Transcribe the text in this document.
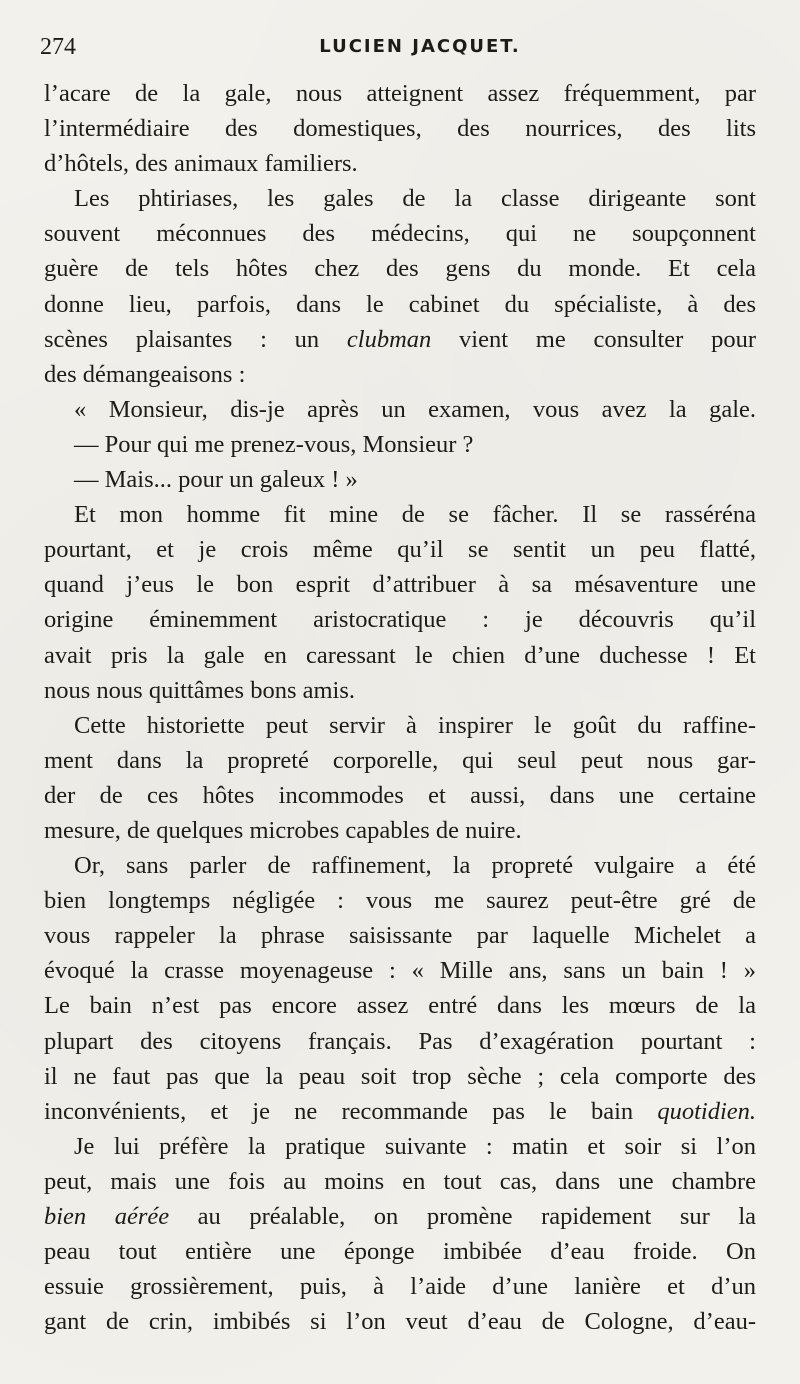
274	LUCIEN JACQUET.
l’acare de la gale, nous atteignent assez fréquemment, par
l’intermédiaire des domestiques, des nourrices, des lits
d’hôtels, des animaux familiers.
Les phtiriases, les gales de la classe dirigeante sont
souvent méconnues des médecins, qui ne soupçonnent
guère de tels hôtes chez des gens du monde. Et cela
donne lieu, parfois, dans le cabinet du spécialiste, à des
scènes plaisantes : un clubman vient me consulter pour
des démangeaisons :
« Monsieur, dis-je après un examen, vous avez la gale.
— Pour qui me prenez-vous, Monsieur ?
— Mais... pour un galeux ! »
Et mon homme fit mine de se fâcher. Il se rasséréna
pourtant, et je crois même qu’il se sentit un peu flatté,
quand j’eus le bon esprit d’attribuer à sa mésaventure une
origine éminemment aristocratique : je découvris qu’il
avait pris la gale en caressant le chien d’une duchesse ! Et
nous nous quittâmes bons amis.
Cette historiette peut servir à inspirer le goût du raffine-
ment dans la propreté corporelle, qui seul peut nous gar-
der de ces hôtes incommodes et aussi, dans une certaine
mesure, de quelques microbes capables de nuire.
Or, sans parler de raffinement, la propreté vulgaire a été
bien longtemps négligée : vous me saurez peut-être gré de
vous rappeler la phrase saisissante par laquelle Michelet a
évoqué la crasse moyenageuse : « Mille ans, sans un bain ! »
Le bain n’est pas encore assez entré dans les mœurs de la
plupart des citoyens français. Pas d’exagération pourtant :
il ne faut pas que la peau soit trop sèche ; cela comporte des
inconvénients, et je ne recommande pas le bain quotidien.
Je lui préfère la pratique suivante : matin et soir si l’on
peut, mais une fois au moins en tout cas, dans une chambre
bien aérée au préalable, on promène rapidement sur la
peau tout entière une éponge imbibée d’eau froide. On
essuie grossièrement, puis, à l’aide d’une lanière et d’un
gant de crin, imbibés si l’on veut d’eau de Cologne, d’eau-
